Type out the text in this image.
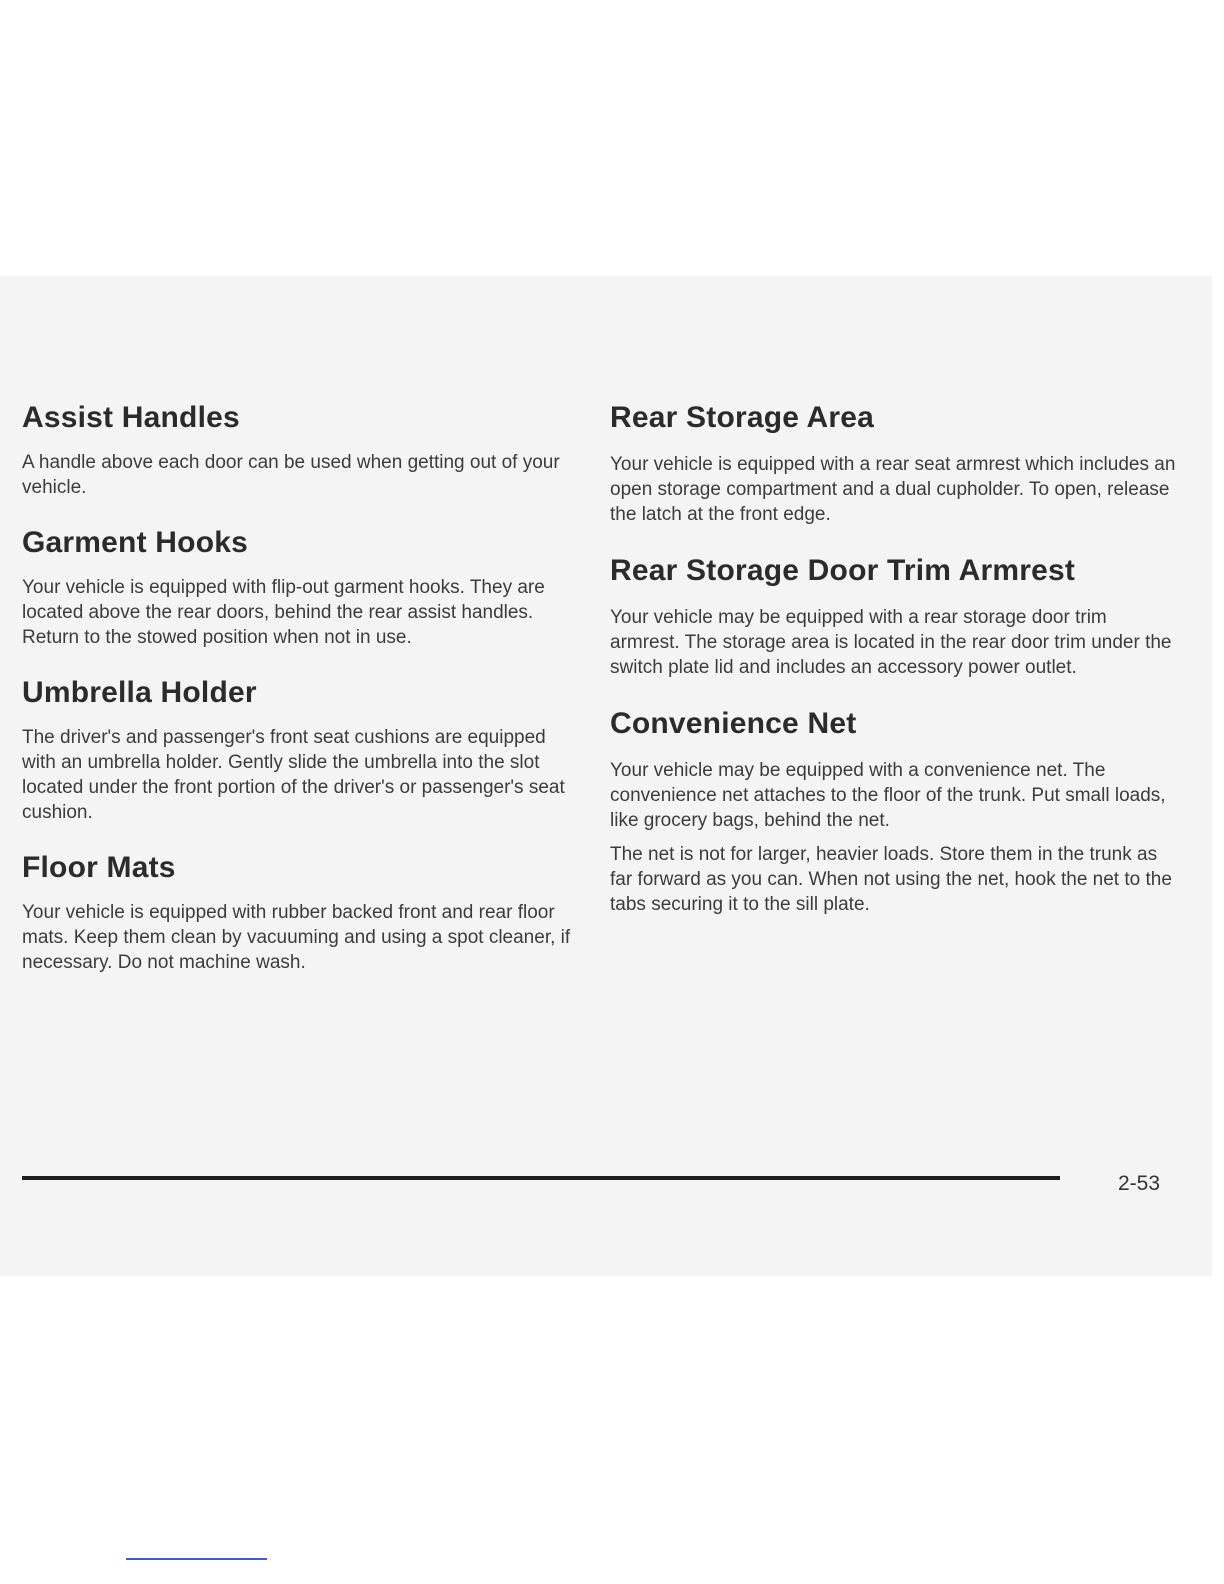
Assist Handles

A handle above each door can be used when getting out of your vehicle.

Garment Hooks

Your vehicle is equipped with flip-out garment hooks. They are located above the rear doors, behind the rear assist handles. Return to the stowed position when not in use.

Umbrella Holder

The driver's and passenger's front seat cushions are equipped with an umbrella holder. Gently slide the umbrella into the slot located under the front portion of the driver's or passenger's seat cushion.

Floor Mats

Your vehicle is equipped with rubber backed front and rear floor mats. Keep them clean by vacuuming and using a spot cleaner, if necessary. Do not machine wash.

Rear Storage Area

Your vehicle is equipped with a rear seat armrest which includes an open storage compartment and a dual cupholder. To open, release the latch at the front edge.

Rear Storage Door Trim Armrest

Your vehicle may be equipped with a rear storage door trim armrest. The storage area is located in the rear door trim under the switch plate lid and includes an accessory power outlet.

Convenience Net

Your vehicle may be equipped with a convenience net. The convenience net attaches to the floor of the trunk. Put small loads, like grocery bags, behind the net.

The net is not for larger, heavier loads. Store them in the trunk as far forward as you can. When not using the net, hook the net to the tabs securing it to the sill plate.

2-53
